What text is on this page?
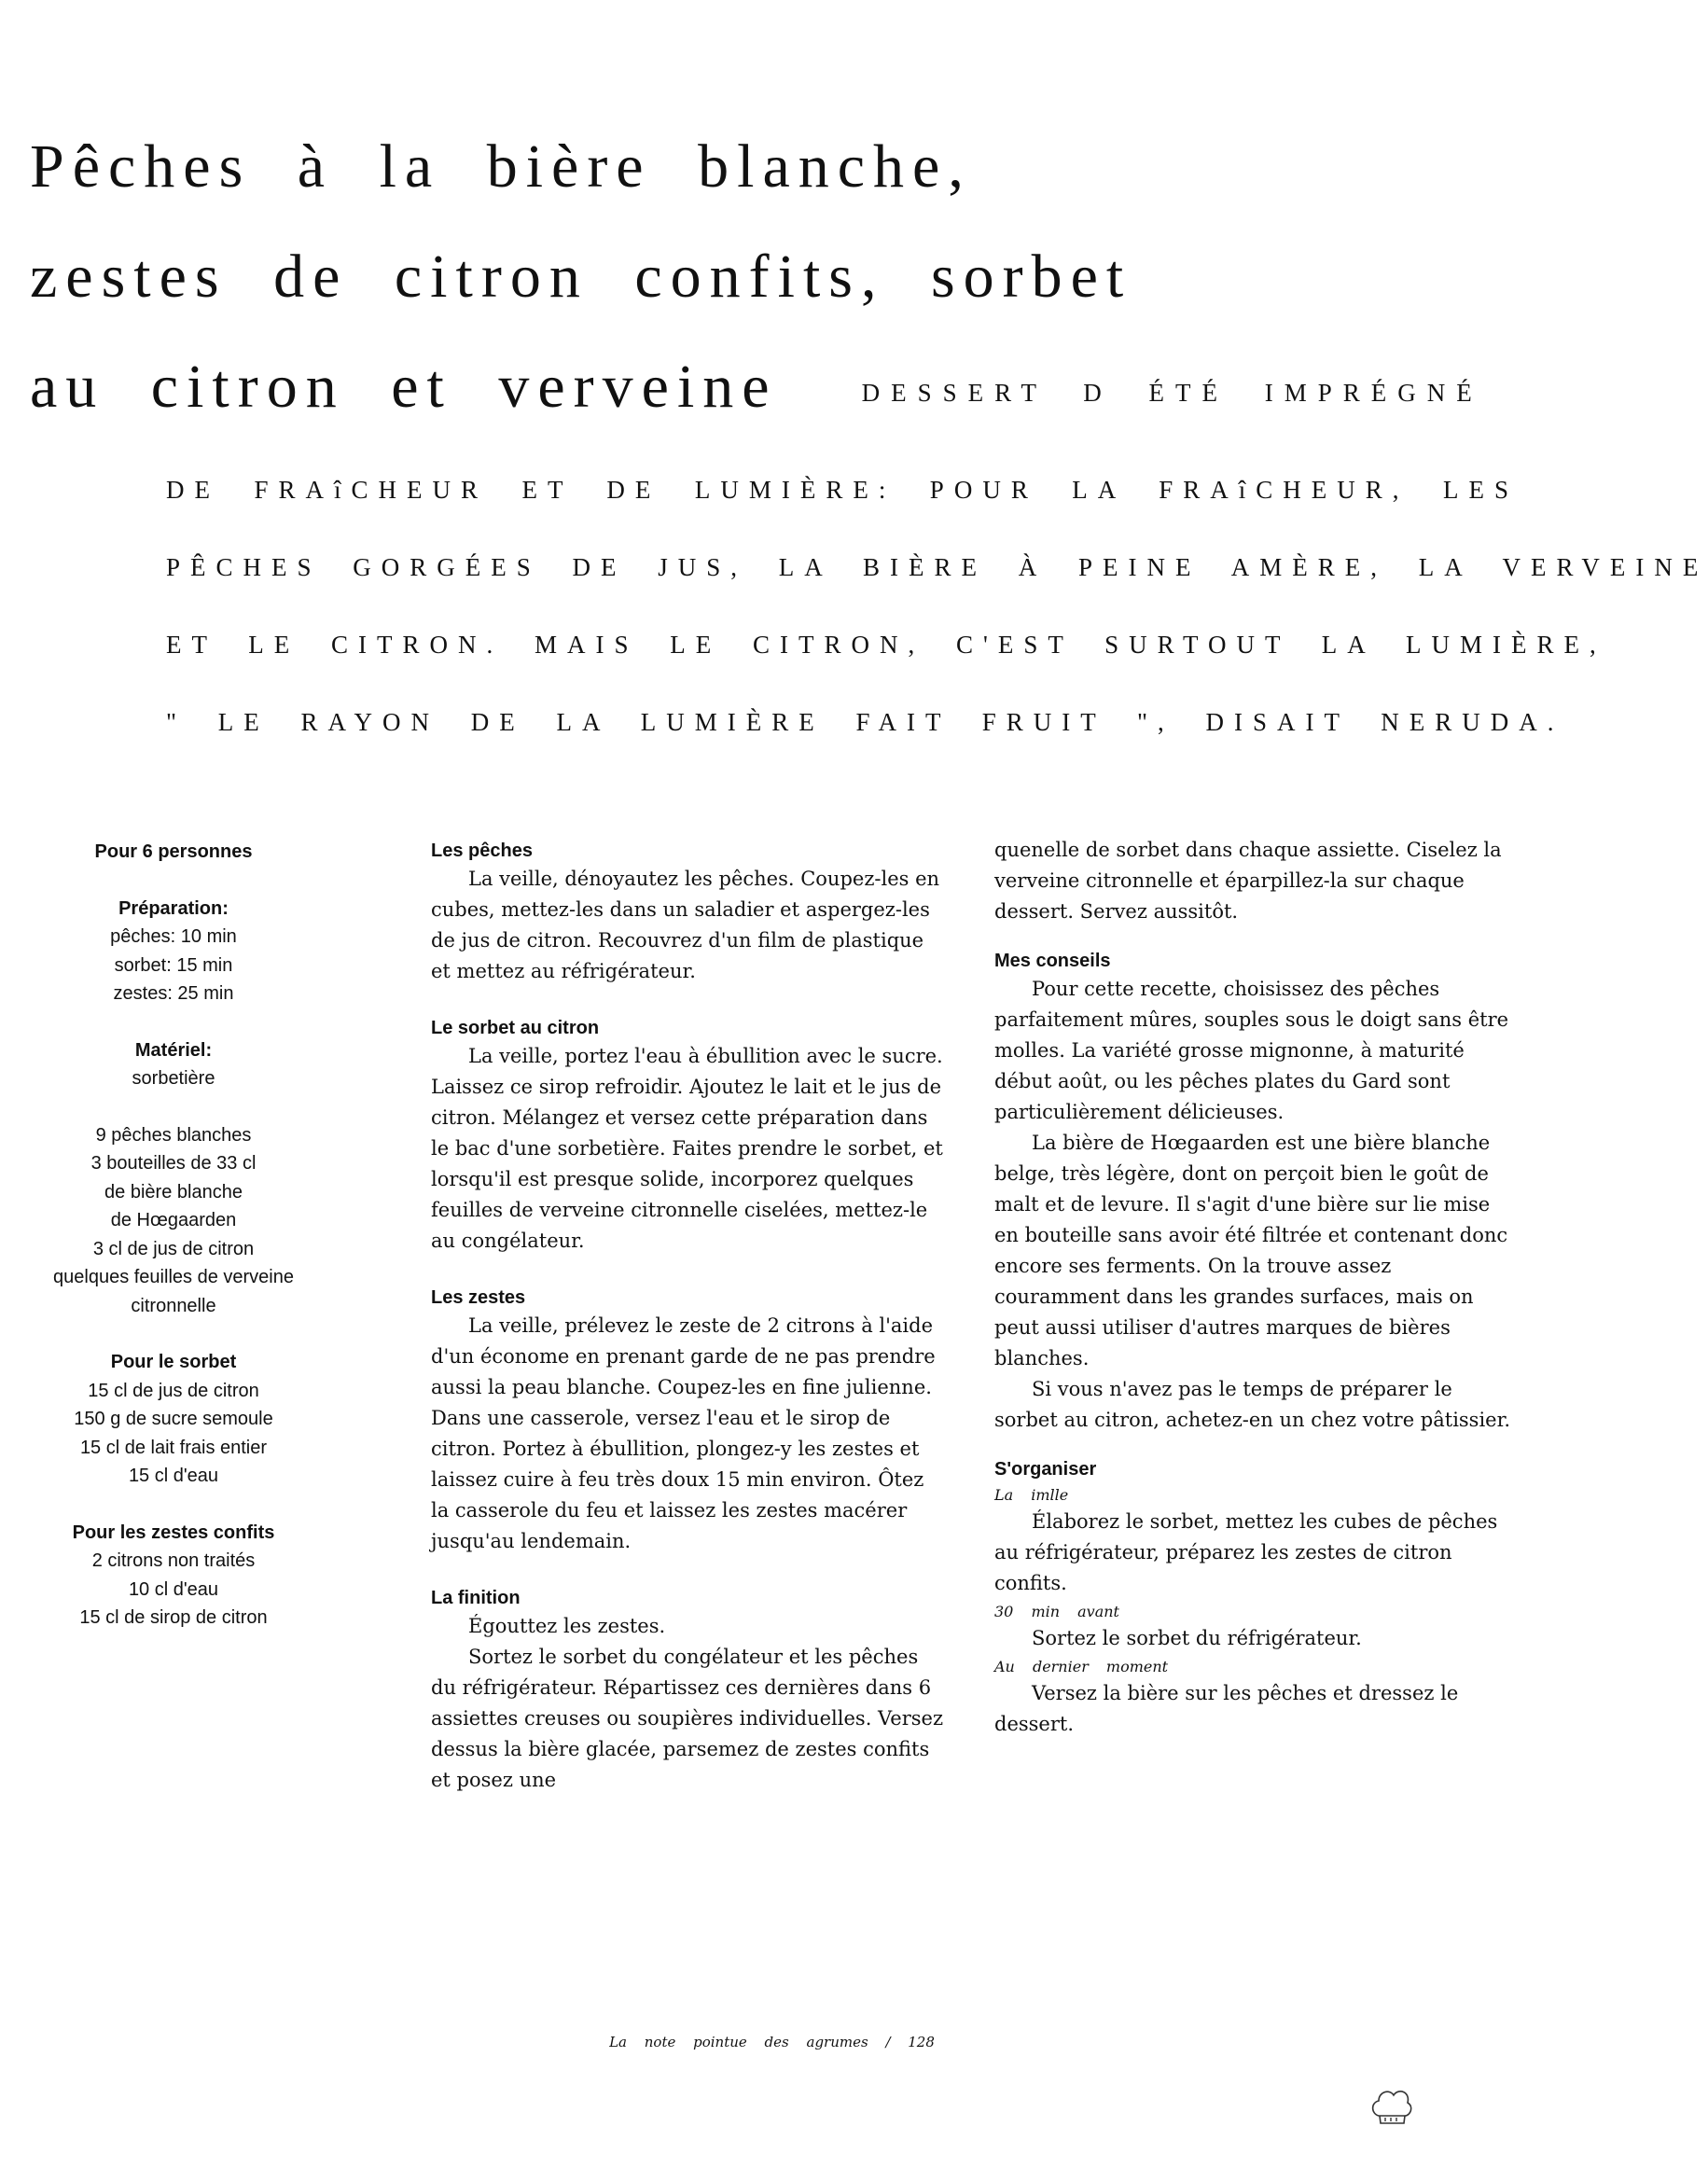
Pêches à la bière blanche,
zestes de citron confits, sorbet
au citron et verveine	DESSERT D ÉTÉ IMPRÉGNÉ
DE FRAîCHEUR ET DE LUMIÈRE: POUR LA FRAîCHEUR, LES
PÊCHES GORGÉES DE JUS, LA BIÈRE À PEINE AMÈRE, LA VERVEINE
ET LE CITRON. MAIS LE CITRON, C'EST SURTOUT LA LUMIÈRE,
" LE RAYON DE LA LUMIÈRE FAIT FRUIT ", DISAIT NERUDA.
Pour 6 personnes
Préparation:
pêches: 10 min
sorbet: 15 min
zestes: 25 min
Matériel:
sorbetière
9 pêches blanches
3 bouteilles de 33 cl
de bière blanche
de Hœgaarden
3 cl de jus de citron
quelques feuilles de verveine
citronnelle
Pour le sorbet
15 cl de jus de citron
150 g de sucre semoule
15 cl de lait frais entier
15 cl d'eau
Pour les zestes confits
2 citrons non traités
10 cl d'eau
15 cl de sirop de citron
Les pêches

La veille, dénoyautez les pêches. Coupez-les en cubes, mettez-les dans un saladier et aspergez-les de jus de citron. Recouvrez d'un film de plastique et mettez au réfrigérateur.

Le sorbet au citron

La veille, portez l'eau à ébullition avec le sucre. Laissez ce sirop refroidir. Ajoutez le lait et le jus de citron. Mélangez et versez cette préparation dans le bac d'une sorbetière. Faites prendre le sorbet, et lorsqu'il est presque solide, incorporez quelques feuilles de verveine citronnelle ciselées, mettez-le au congélateur.

Les zestes

La veille, prélevez le zeste de 2 citrons à l'aide d'un économe en prenant garde de ne pas prendre aussi la peau blanche. Coupez-les en fine julienne. Dans une casserole, versez l'eau et le sirop de citron. Portez à ébullition, plongez-y les zestes et laissez cuire à feu très doux 15 min environ. Ôtez la casserole du feu et laissez les zestes macérer jusqu'au lendemain.

La finition

Égouttez les zestes.

Sortez le sorbet du congélateur et les pêches du réfrigérateur. Répartissez ces dernières dans 6 assiettes creuses ou soupières individuelles. Versez dessus la bière glacée, parsemez de zestes confits et posez une

quenelle de sorbet dans chaque assiette. Ciselez la verveine citronnelle et éparpillez-la sur chaque dessert. Servez aussitôt.

Mes conseils

Pour cette recette, choisissez des pêches parfaitement mûres, souples sous le doigt sans être molles. La variété grosse mignonne, à maturité début août, ou les pêches plates du Gard sont particulièrement délicieuses.

La bière de Hœgaarden est une bière blanche belge, très légère, dont on perçoit bien le goût de malt et de levure. Il s'agit d'une bière sur lie mise en bouteille sans avoir été filtrée et contenant donc encore ses ferments. On la trouve assez couramment dans les grandes surfaces, mais on peut aussi utiliser d'autres marques de bières blanches.

Si vous n'avez pas le temps de préparer le sorbet au citron, achetez-en un chez votre pâtissier.

S'organiser
La imlle

Élaborez le sorbet, mettez les cubes de pêches au réfrigérateur, préparez les zestes de citron confits.

30 min avant

Sortez le sorbet du réfrigérateur.

Au dernier moment

Versez la bière sur les pêches et dressez le dessert.

La note pointue des agrumes / 128
